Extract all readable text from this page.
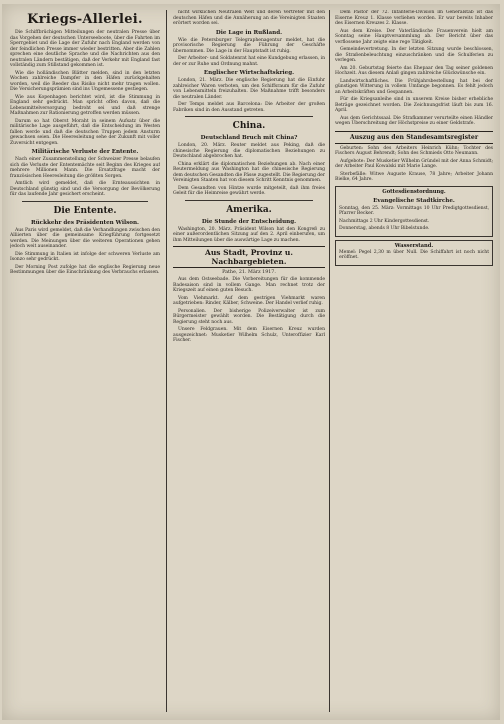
Kriegs-Allerlei.

Die Schiffbrüchigen Mitteilungen der neutralen Presse über das Vorgehen der deutschen Unterseeboote, über die Fahrten im Sperrgebiet und die Lage der Zufuhr nach England werden von der feindlichen Presse immer wieder bestritten. Aber die Zahlen sprechen eine deutliche Sprache und die Nachrichten aus den neutralen Ländern bestätigen, daß der Verkehr mit England fast vollständig zum Stillstand gekommen ist.

Wie die holländischen Blätter melden, sind in den letzten Wochen zahlreiche Dampfer in den Häfen zurückgehalten worden, weil die Reeder das Risiko nicht mehr tragen wollen. Die Versicherungsprämien sind ins Ungemessene gestiegen.

Wie aus Kopenhagen berichtet wird, ist die Stimmung in England sehr gedrückt. Man spricht offen davon, daß die Lebensmittelversorgung bedroht sei und daß strenge Maßnahmen zur Rationierung getroffen werden müssen.

Darum so hat Oberst Moraht in seinem Aufsatz über die militärische Lage ausgeführt, daß die Entscheidung im Westen fallen werde und daß die deutschen Truppen jedem Ansturm gewachsen seien. Die Heeresleitung sehe der Zukunft mit voller Zuversicht entgegen.

Militärische Verluste der Entente.

Nach einer Zusammenstellung der Schweizer Presse belaufen sich die Verluste der Ententemächte seit Beginn des Krieges auf mehrere Millionen Mann. Die Ersatzfrage macht der französischen Heeresleitung die größten Sorgen.

Amtlich wird gemeldet, daß die Ernteaussichten in Deutschland günstig sind und die Versorgung der Bevölkerung für das laufende Jahr gesichert erscheint.

Die Entente.
Rückkehr des Präsidenten Wilson.

Aus Paris wird gemeldet, daß die Verhandlungen zwischen den Alliierten über die gemeinsame Kriegführung fortgesetzt werden. Die Meinungen über die weiteren Operationen gehen jedoch weit auseinander.

Die Stimmung in Italien ist infolge der schweren Verluste am Isonzo sehr gedrückt.

Der Morning Post zufolge hat die englische Regierung neue Bestimmungen über die Einschränkung des Verbrauchs erlassen.

nicht wirklichen Neutralen Welt und deren Vertreter mit den deutschen Häfen und die Annäherung an die Vereinigten Staaten erörtert worden sei.

Die Lage in Rußland.

Wie die Petersburger Telegraphenagentur meldet, hat die provisorische Regierung die Führung der Geschäfte übernommen. Die Lage in der Hauptstadt ist ruhig.

Der Arbeiter- und Soldatenrat hat eine Kundgebung erlassen, in der er zur Ruhe und Ordnung mahnt.

Englischer Wirtschaftskrieg.

London, 21. März. Die englische Regierung hat die Einfuhr zahlreicher Waren verboten, um den Schiffsraum für die Zufuhr von Lebensmitteln freizuhalten. Die Maßnahme trifft besonders die neutralen Länder.

Der Temps meldet aus Barcelona: Die Arbeiter der großen Fabriken sind in den Ausstand getreten.

China.
Deutschland Bruch mit China?

London, 20. März. Reuter meldet aus Peking, daß die chinesische Regierung die diplomatischen Beziehungen zu Deutschland abgebrochen hat.

China erklärt die diplomatischen Beziehungen ab. Nach einer Reutermeldung aus Washington hat die chinesische Regierung dem deutschen Gesandten die Pässe zugestellt. Die Regierung der Vereinigten Staaten hat von diesem Schritt Kenntnis genommen.

Dem Gesandten von Hintze wurde mitgeteilt, daß ihm freies Geleit für die Heimreise gewährt werde.

Amerika.
Die Stunde der Entscheidung.

Washington, 20. März. Präsident Wilson hat den Kongreß zu einer außerordentlichen Sitzung auf den 2. April einberufen, um ihm Mitteilungen über die auswärtige Lage zu machen.

Aus Stadt, Provinz u. Nachbargebieten.
Pathe, 21. März 1917.

Aus dem Ostseebade. Die Vorbereitungen für die kommende Badesaison sind in vollem Gange. Man rechnet trotz der Kriegszeit auf einen guten Besuch.

Vom Viehmarkt. Auf dem gestrigen Viehmarkt waren aufgetrieben: Rinder, Kälber, Schweine. Der Handel verlief ruhig.

Personalien. Der bisherige Polizeiverwalter ist zum Bürgermeister gewählt worden. Die Bestätigung durch die Regierung steht noch aus.

Unsere Feldgrauen. Mit dem Eisernen Kreuz wurden ausgezeichnet: Musketier Wilhelm Schulz, Unteroffizier Karl Fischer.

Dem Pastor der 72. Infanterie-Division im Generalstab ist das Eiserne Kreuz 1. Klasse verliehen worden. Er war bereits Inhaber des Eisernen Kreuzes 2. Klasse.

Aus dem Kreise. Der Vaterländische Frauenverein hielt am Sonntag seine Hauptversammlung ab. Der Bericht über das verflossene Jahr zeigte eine rege Tätigkeit.

Gemeindevertretung. In der letzten Sitzung wurde beschlossen, die Straßenbeleuchtung einzuschränken und die Schulferien zu verlegen.

Am 20. Geburtstag feierte das Ehepaar den Tag seiner goldenen Hochzeit. Aus diesem Anlaß gingen zahlreiche Glückwünsche ein.

Landwirtschaftliches. Die Frühjahrsbestellung hat bei der günstigen Witterung in vollem Umfange begonnen. Es fehlt jedoch an Arbeitskräften und Gespannen.

Für die Kriegsanleihe sind in unserem Kreise bisher erhebliche Beträge gezeichnet worden. Die Zeichnungsfrist läuft bis zum 16. April.

Aus dem Gerichtssaal. Die Strafkammer verurteilte einen Händler wegen Überschreitung der Höchstpreise zu einer Geldstrafe.

Auszug aus den Standesamtsregister

Geburten: Sohn des Arbeiters Heinrich Kühn; Tochter des Fischers August Behrendt; Sohn des Schmieds Otto Neumann.

Aufgebote: Der Musketier Wilhelm Gründel mit der Anna Schmidt; der Arbeiter Paul Kowalski mit Marie Lange.

Sterbefälle: Witwe Auguste Krause, 78 Jahre; Arbeiter Johann Bielke, 64 Jahre.

Gottesdienstordnung.
Evangelische Stadtkirche.

Sonntag, den 25. März: Vormittags 10 Uhr Predigtgottesdienst, Pfarrer Becker.

Nachmittags 2 Uhr Kindergottesdienst.

Donnerstag, abends 8 Uhr Bibelstunde.

Wasserstand.

Memel: Pegel 2,30 m über Null. Die Schiffahrt ist noch nicht eröffnet.
